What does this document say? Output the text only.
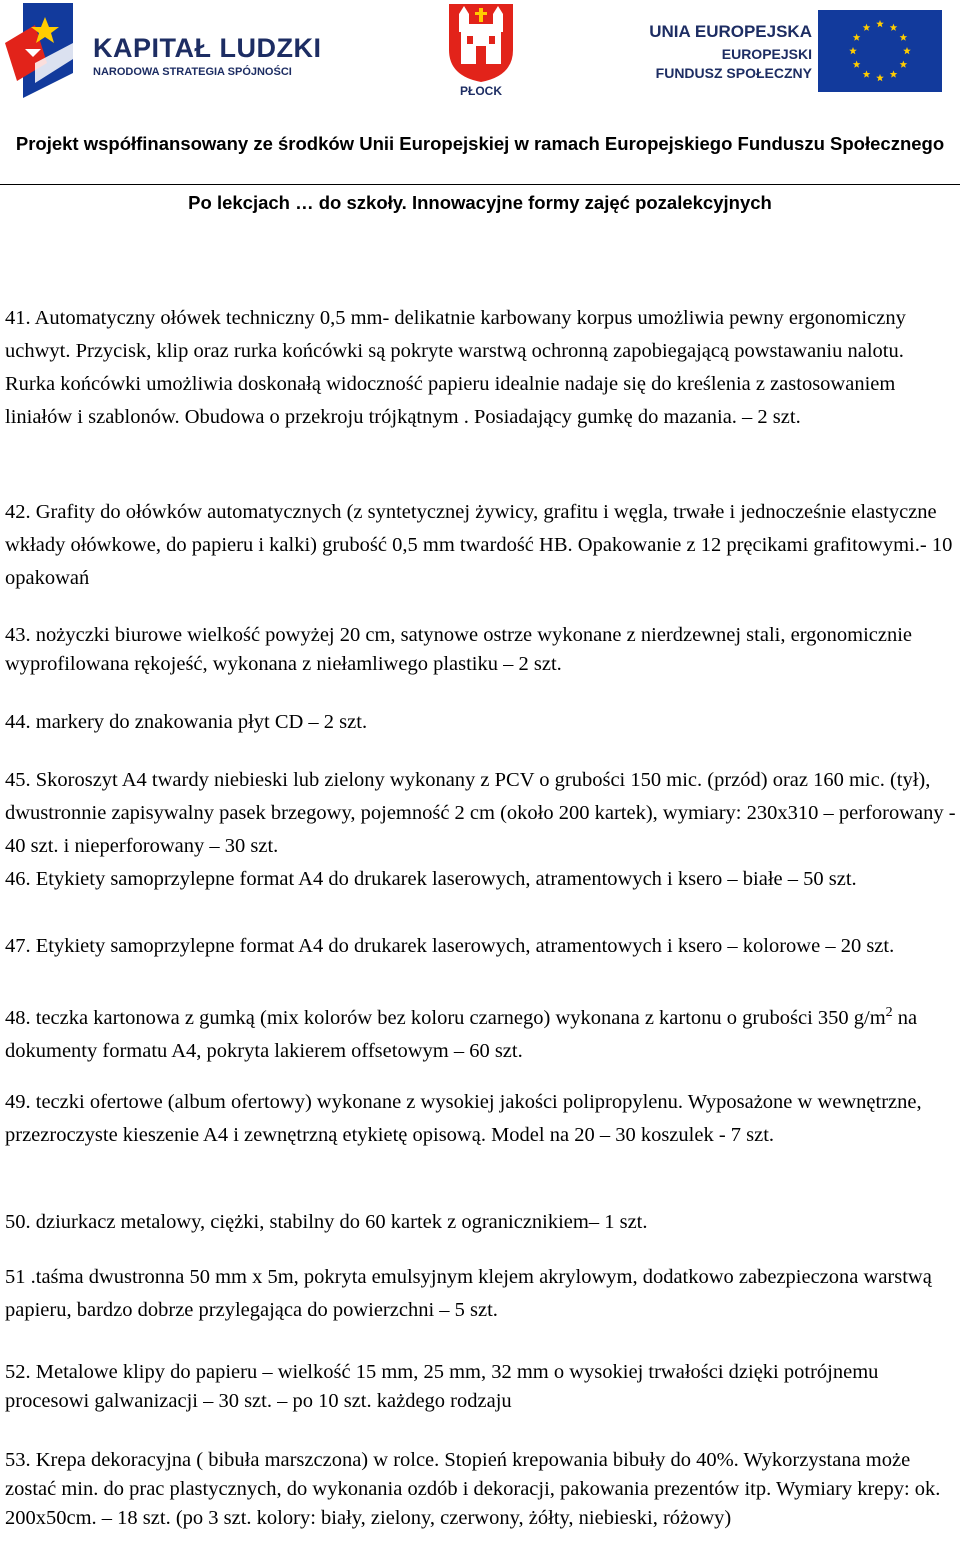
KAPITAŁ LUDZKI
NARODOWA STRATEGIA SPÓJNOŚCI
PŁOCK
UNIA EUROPEJSKA
EUROPEJSKI
FUNDUSZ SPOŁECZNY
Projekt współfinansowany ze środków Unii Europejskiej w ramach Europejskiego Funduszu Społecznego
Po lekcjach … do szkoły. Innowacyjne formy zajęć pozalekcyjnych
41. Automatyczny ołówek techniczny 0,5 mm- delikatnie karbowany korpus umożliwia pewny ergonomiczny uchwyt. Przycisk, klip oraz rurka końcówki są pokryte warstwą ochronną zapobiegającą powstawaniu nalotu. Rurka końcówki umożliwia doskonałą widoczność papieru idealnie nadaje się do kreślenia z zastosowaniem liniałów i szablonów. Obudowa o przekroju trójkątnym . Posiadający gumkę do mazania. – 2 szt.
42. Grafity do ołówków automatycznych (z syntetycznej żywicy, grafitu i węgla, trwałe i jednocześnie elastyczne wkłady ołówkowe, do papieru i kalki) grubość 0,5 mm twardość HB. Opakowanie z 12 pręcikami grafitowymi.- 10 opakowań
43. nożyczki biurowe wielkość powyżej 20 cm, satynowe ostrze wykonane z nierdzewnej stali, ergonomicznie wyprofilowana rękojeść, wykonana z niełamliwego plastiku – 2 szt.
44. markery do znakowania płyt CD – 2 szt.
45. Skoroszyt A4 twardy niebieski lub zielony wykonany z PCV o grubości 150 mic. (przód) oraz 160 mic. (tył), dwustronnie zapisywalny pasek brzegowy, pojemność 2 cm (około 200 kartek), wymiary: 230x310 – perforowany - 40 szt. i nieperforowany – 30 szt.
46. Etykiety samoprzylepne format A4 do drukarek laserowych, atramentowych i ksero – białe – 50 szt.
47. Etykiety samoprzylepne format A4 do drukarek laserowych, atramentowych i ksero – kolorowe – 20 szt.
48. teczka kartonowa z gumką (mix kolorów bez koloru czarnego) wykonana z kartonu o grubości 350 $g/m^2$ na dokumenty formatu A4, pokryta lakierem offsetowym – 60 szt.
49. teczki ofertowe (album ofertowy) wykonane z wysokiej jakości polipropylenu. Wyposażone w wewnętrzne, przezroczyste kieszenie A4 i zewnętrzną etykietę opisową. Model na 20 – 30 koszulek - 7 szt.
50. dziurkacz metalowy, ciężki, stabilny do 60 kartek z ogranicznikiem– 1 szt.
51 .taśma dwustronna 50 mm x 5m, pokryta emulsyjnym klejem akrylowym, dodatkowo zabezpieczona warstwą papieru, bardzo dobrze przylegająca do powierzchni – 5 szt.
52. Metalowe klipy do papieru – wielkość 15 mm, 25 mm, 32 mm o wysokiej trwałości dzięki potrójnemu procesowi galwanizacji – 30 szt. – po 10 szt. każdego rodzaju
53. Krepa dekoracyjna ( bibuła marszczona) w rolce. Stopień krepowania bibuły do 40%. Wykorzystana może zostać min. do prac plastycznych, do wykonania ozdób i dekoracji, pakowania prezentów itp. Wymiary krepy: ok. 200x50cm. – 18 szt. (po 3 szt. kolory: biały, zielony, czerwony, żółty, niebieski, różowy)
